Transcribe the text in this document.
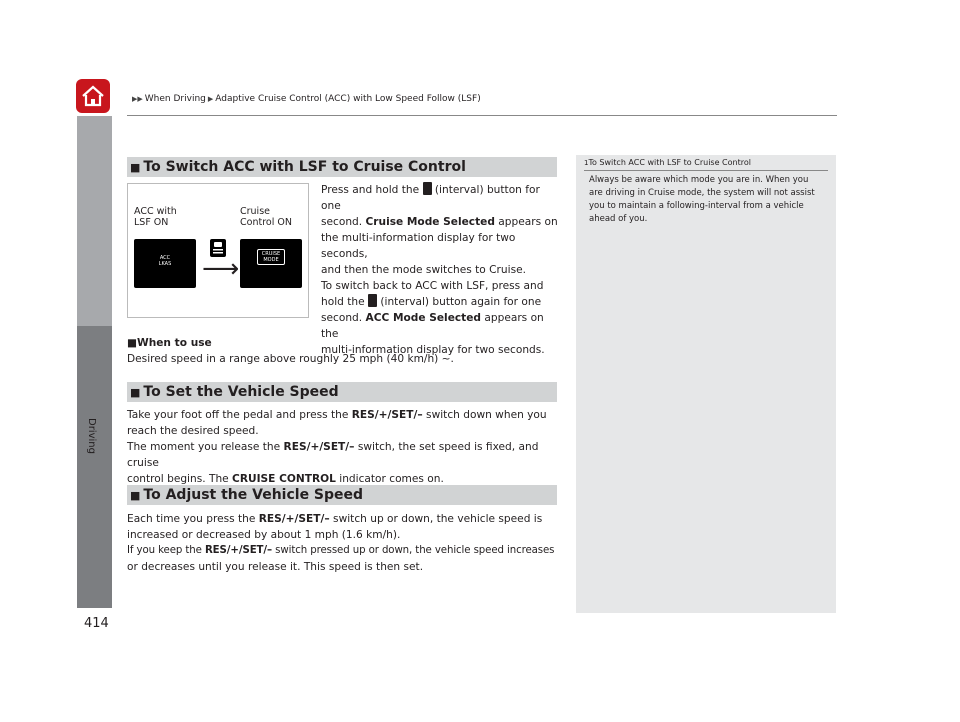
▶▶ When Driving ▶ Adaptive Cruise Control (ACC) with Low Speed Follow (LSF)
Driving
414
■ To Switch ACC with LSF to Cruise Control
ACC with
LSF ON
Cruise
Control ON
ACC
LKAS
CRUISE
MODE
⟶
Press and hold the (interval) button for one
second. Cruise Mode Selected appears on
the multi-information display for two seconds,
and then the mode switches to Cruise.
To switch back to ACC with LSF, press and
hold the (interval) button again for one
second. ACC Mode Selected appears on the
multi-information display for two seconds.
■When to use
Desired speed in a range above roughly 25 mph (40 km/h) ~.
■ To Set the Vehicle Speed
Take your foot off the pedal and press the RES/+/SET/– switch down when you
reach the desired speed.
The moment you release the RES/+/SET/– switch, the set speed is fixed, and cruise
control begins. The CRUISE CONTROL indicator comes on.
■ To Adjust the Vehicle Speed
Each time you press the RES/+/SET/– switch up or down, the vehicle speed is
increased or decreased by about 1 mph (1.6 km/h).
If you keep the RES/+/SET/– switch pressed up or down, the vehicle speed increases
or decreases until you release it. This speed is then set.
1To Switch ACC with LSF to Cruise Control
Always be aware which mode you are in. When you
are driving in Cruise mode, the system will not assist
you to maintain a following-interval from a vehicle
ahead of you.
